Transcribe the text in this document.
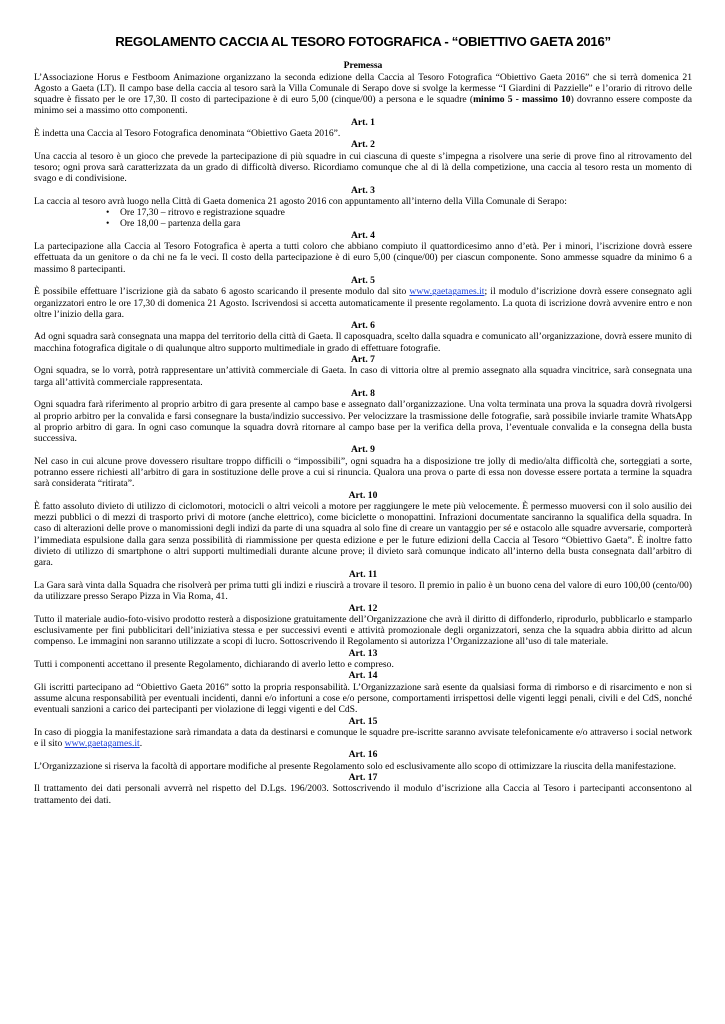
REGOLAMENTO CACCIA AL TESORO FOTOGRAFICA - “OBIETTIVO GAETA 2016”
Premessa

L’Associazione Horus e Festboom Animazione organizzano la seconda edizione della Caccia al Tesoro Fotografica “Obiettivo Gaeta 2016” che si terrà domenica 21 Agosto a Gaeta (LT). Il campo base della caccia al tesoro sarà la Villa Comunale di Serapo dove si svolge la kermesse “I Giardini di Pazzielle” e l’orario di ritrovo delle squadre è fissato per le ore 17,30. Il costo di partecipazione è di euro 5,00 (cinque/00) a persona e le squadre (minimo 5 - massimo 10) dovranno essere composte da minimo sei a massimo otto componenti.

Art. 1

È indetta una Caccia al Tesoro Fotografica denominata “Obiettivo Gaeta 2016”.

Art. 2

Una caccia al tesoro è un gioco che prevede la partecipazione di più squadre in cui ciascuna di queste s’impegna a risolvere una serie di prove fino al ritrovamento del tesoro; ogni prova sarà caratterizzata da un grado di difficoltà diverso. Ricordiamo comunque che al di là della competizione, una caccia al tesoro resta un momento di svago e di condivisione.

Art. 3

La caccia al tesoro avrà luogo nella Città di Gaeta domenica 21 agosto 2016 con appuntamento all’interno della Villa Comunale di Serapo:

• Ore 17,30 – ritrovo e registrazione squadre
• Ore 18,00 – partenza della gara
Art. 4

La partecipazione alla Caccia al Tesoro Fotografica è aperta a tutti coloro che abbiano compiuto il quattordicesimo anno d’età. Per i minori, l’iscrizione dovrà essere effettuata da un genitore o da chi ne fa le veci. Il costo della partecipazione è di euro 5,00 (cinque/00) per ciascun componente. Sono ammesse squadre da minimo 6 a massimo 8 partecipanti.

Art. 5

È possibile effettuare l’iscrizione già da sabato 6 agosto scaricando il presente modulo dal sito www.gaetagames.it; il modulo d’iscrizione dovrà essere consegnato agli organizzatori entro le ore 17,30 di domenica 21 Agosto. Iscrivendosi si accetta automaticamente il presente regolamento. La quota di iscrizione dovrà avvenire entro e non oltre l’inizio della gara.

Art. 6

Ad ogni squadra sarà consegnata una mappa del territorio della città di Gaeta. Il caposquadra, scelto dalla squadra e comunicato all’organizzazione, dovrà essere munito di macchina fotografica digitale o di qualunque altro supporto multimediale in grado di effettuare fotografie.

Art. 7

Ogni squadra, se lo vorrà, potrà rappresentare un’attività commerciale di Gaeta. In caso di vittoria oltre al premio assegnato alla squadra vincitrice, sarà consegnata una targa all’attività commerciale rappresentata.

Art. 8

Ogni squadra farà riferimento al proprio arbitro di gara presente al campo base e assegnato dall’organizzazione. Una volta terminata una prova la squadra dovrà rivolgersi al proprio arbitro per la convalida e farsi consegnare la busta/indizio successivo. Per velocizzare la trasmissione delle fotografie, sarà possibile inviarle tramite WhatsApp al proprio arbitro di gara. In ogni caso comunque la squadra dovrà ritornare al campo base per la verifica della prova, l’eventuale convalida e la consegna della busta successiva.

Art. 9

Nel caso in cui alcune prove dovessero risultare troppo difficili o “impossibili”, ogni squadra ha a disposizione tre jolly di medio/alta difficoltà che, sorteggiati a sorte, potranno essere richiesti all’arbitro di gara in sostituzione delle prove a cui si rinuncia. Qualora una prova o parte di essa non dovesse essere portata a termine la squadra sarà considerata “ritirata”.

Art. 10

È fatto assoluto divieto di utilizzo di ciclomotori, motocicli o altri veicoli a motore per raggiungere le mete più velocemente. È permesso muoversi con il solo ausilio dei mezzi pubblici o di mezzi di trasporto privi di motore (anche elettrico), come biciclette o monopattini. Infrazioni documentate sanciranno la squalifica della squadra. In caso di alterazioni delle prove o manomissioni degli indizi da parte di una squadra al solo fine di creare un vantaggio per sé e ostacolo alle squadre avversarie, comporterà l’immediata espulsione dalla gara senza possibilità di riammissione per questa edizione e per le future edizioni della Caccia al Tesoro “Obiettivo Gaeta”. È inoltre fatto divieto di utilizzo di smartphone o altri supporti multimediali durante alcune prove; il divieto sarà comunque indicato all’interno della busta consegnata dall’arbitro di gara.

Art. 11

La Gara sarà vinta dalla Squadra che risolverà per prima tutti gli indizi e riuscirà a trovare il tesoro. Il premio in palio è un buono cena del valore di euro 100,00 (cento/00) da utilizzare presso Serapo Pizza in Via Roma, 41.

Art. 12

Tutto il materiale audio-foto-visivo prodotto resterà a disposizione gratuitamente dell’Organizzazione che avrà il diritto di diffonderlo, riprodurlo, pubblicarlo e stamparlo esclusivamente per fini pubblicitari dell’iniziativa stessa e per successivi eventi e attività promozionale degli organizzatori, senza che la squadra abbia diritto ad alcun compenso. Le immagini non saranno utilizzate a scopi di lucro. Sottoscrivendo il Regolamento si autorizza l’Organizzazione all’uso di tale materiale.

Art. 13

Tutti i componenti accettano il presente Regolamento, dichiarando di averlo letto e compreso.

Art. 14

Gli iscritti partecipano ad “Obiettivo Gaeta 2016” sotto la propria responsabilità. L’Organizzazione sarà esente da qualsiasi forma di rimborso e di risarcimento e non si assume alcuna responsabilità per eventuali incidenti, danni e/o infortuni a cose e/o persone, comportamenti irrispettosi delle vigenti leggi penali, civili e del CdS, nonché eventuali sanzioni a carico dei partecipanti per violazione di leggi vigenti e del CdS.

Art. 15

In caso di pioggia la manifestazione sarà rimandata a data da destinarsi e comunque le squadre pre-iscritte saranno avvisate telefonicamente e/o attraverso i social network e il sito www.gaetagames.it.

Art. 16

L’Organizzazione si riserva la facoltà di apportare modifiche al presente Regolamento solo ed esclusivamente allo scopo di ottimizzare la riuscita della manifestazione.

Art. 17

Il trattamento dei dati personali avverrà nel rispetto del D.Lgs. 196/2003. Sottoscrivendo il modulo d’iscrizione alla Caccia al Tesoro i partecipanti acconsentono al trattamento dei dati.
